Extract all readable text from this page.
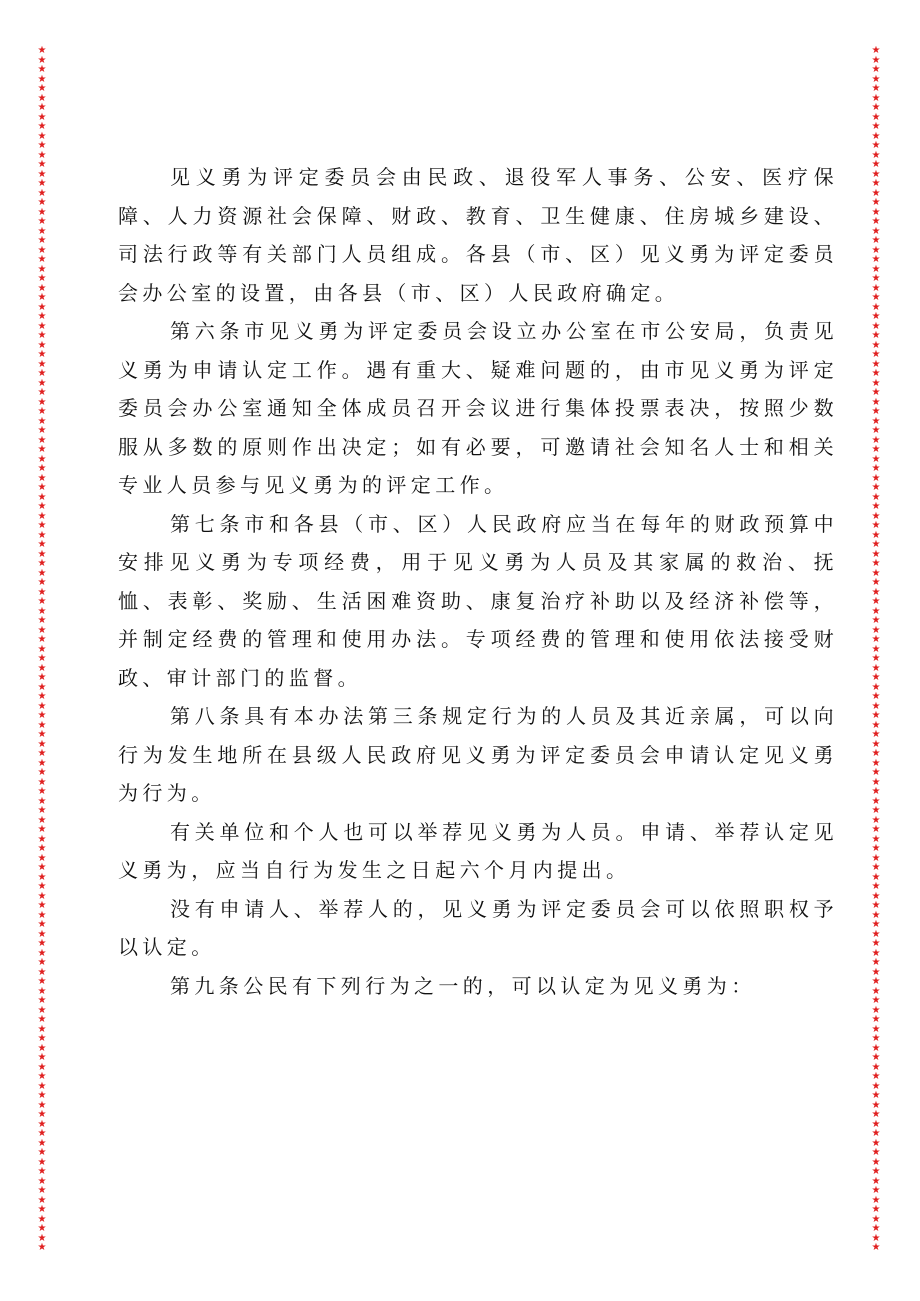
★
★
★
★
★
★
★
★
★
★
★
★
★
★
★
★
★
★
★
★
★
★
★
★
★
★
★
★
★
★
★
★
★
★
★
★
★
★
★
★
★
★
★
★
★
★
★
★
★
★
★
★
★
★
★
★
★
★
★
★
★
★
★
★
★
★
★
★
★
★
★
★
★
★
★
★
★
★
★
★
★
★
★
★
★
★
★
★
★
★
★
★
★
★
★
★
★
★
★
★
★
★
★
★
★
★
★
★
★
★
★
★
★
★
★
★
★
★
★
★
★
★
★
★
★
★
★
★
★
★
★
★
★
★
★
★
★
★
★
★
★
★
★
★
★
★
★
★
★
★
★
★
★
★
★
★
★
★
★
★
★
★
★
★
★
★
★
★
★
★
★
★
★
★
★
★
★
★
★
★
★
★
★
★
★
★
★
★
★
★
★
★
★
★
★
★
★
★
★
★
★
★
★
★
★
★
★
★
★
★
★
★
★
★
★
★
★
★
★
★
★
★
★
★
★
★
★
★
★
★
★
★
★
★
★
★
★
★
★
★
★
★
★
★
★
★
★
★
★
★
★
★
★
★

见义勇为评定委员会由民政、退役军人事务、公安、医疗保障、人力资源社会保障、财政、教育、卫生健康、住房城乡建设、司法行政等有关部门人员组成。各县（市、区）见义勇为评定委员会办公室的设置，由各县（市、区）人民政府确定。

第六条市见义勇为评定委员会设立办公室在市公安局，负责见义勇为申请认定工作。遇有重大、疑难问题的，由市见义勇为评定委员会办公室通知全体成员召开会议进行集体投票表决，按照少数服从多数的原则作出决定；如有必要，可邀请社会知名人士和相关专业人员参与见义勇为的评定工作。

第七条市和各县（市、区）人民政府应当在每年的财政预算中安排见义勇为专项经费，用于见义勇为人员及其家属的救治、抚恤、表彰、奖励、生活困难资助、康复治疗补助以及经济补偿等，并制定经费的管理和使用办法。专项经费的管理和使用依法接受财政、审计部门的监督。

第八条具有本办法第三条规定行为的人员及其近亲属，可以向行为发生地所在县级人民政府见义勇为评定委员会申请认定见义勇为行为。

有关单位和个人也可以举荐见义勇为人员。申请、举荐认定见义勇为，应当自行为发生之日起六个月内提出。

没有申请人、举荐人的，见义勇为评定委员会可以依照职权予以认定。

第九条公民有下列行为之一的，可以认定为见义勇为：
